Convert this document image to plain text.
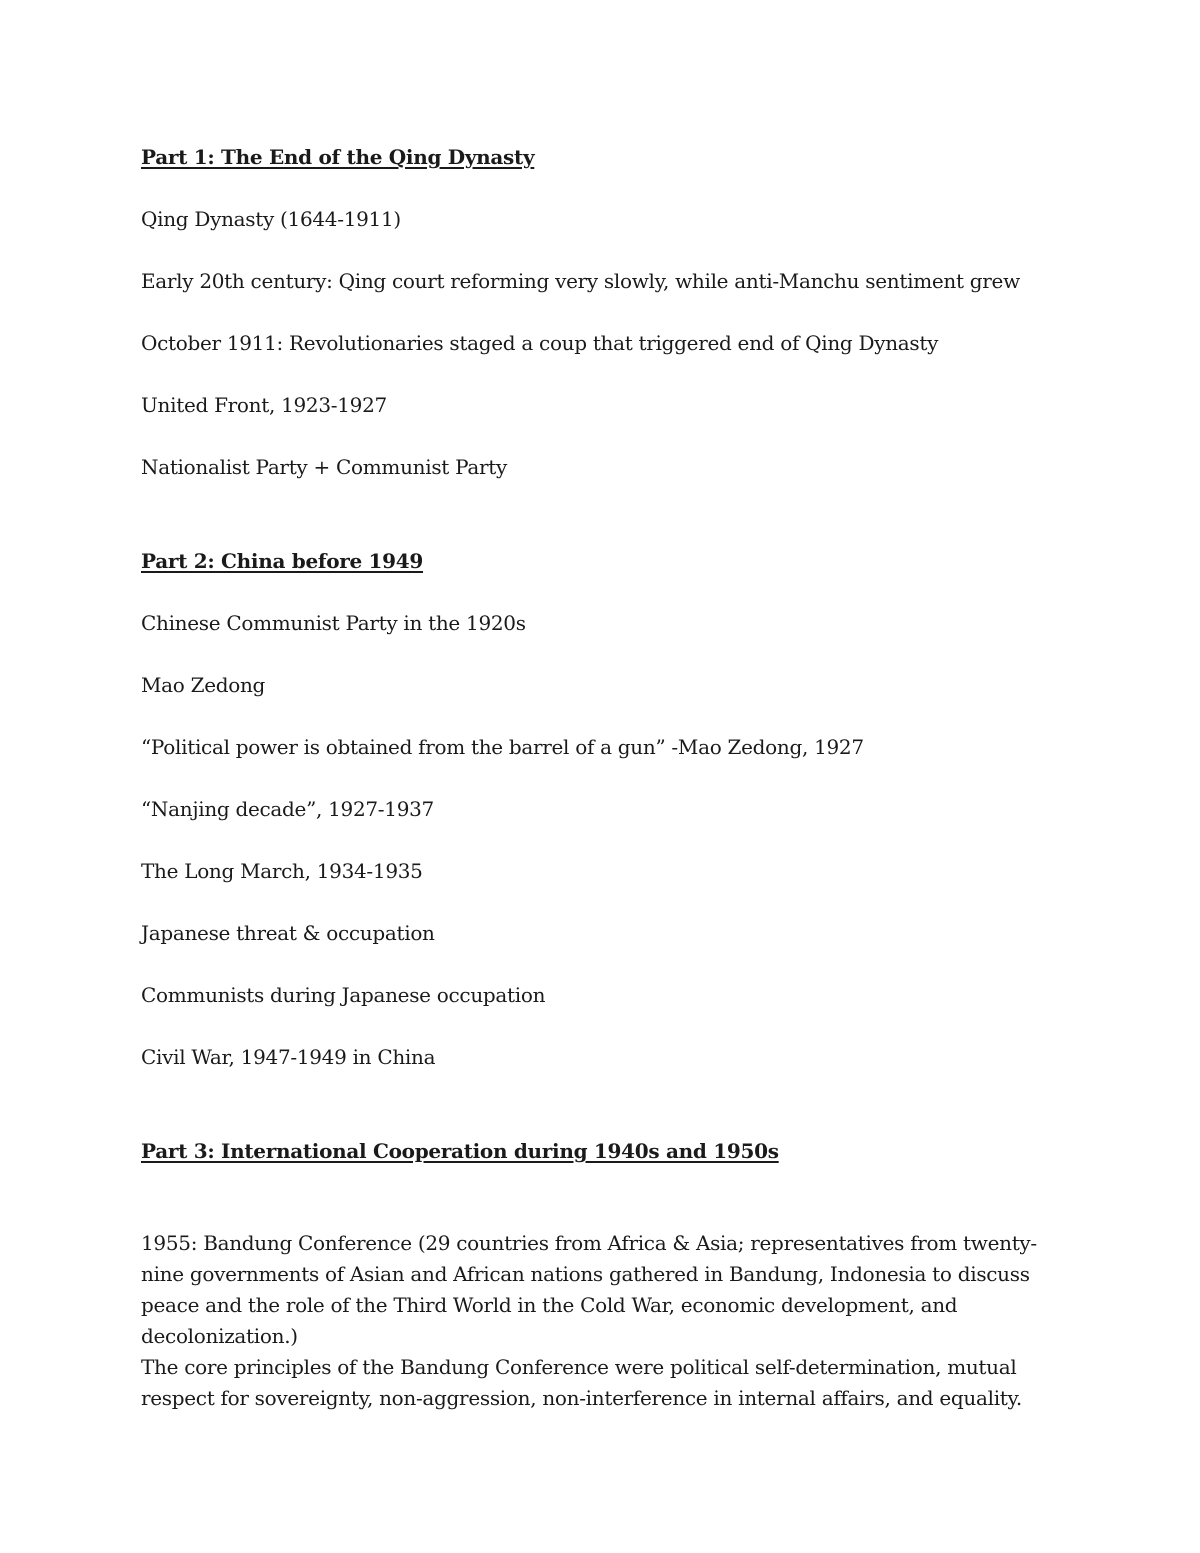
Part 1: The End of the Qing Dynasty

Qing Dynasty (1644-1911)

Early 20th century: Qing court reforming very slowly, while anti-Manchu sentiment grew

October 1911: Revolutionaries staged a coup that triggered end of Qing Dynasty

United Front, 1923-1927

Nationalist Party + Communist Party

Part 2: China before 1949

Chinese Communist Party in the 1920s

Mao Zedong

“Political power is obtained from the barrel of a gun” -Mao Zedong, 1927

“Nanjing decade”, 1927-1937

The Long March, 1934-1935

Japanese threat & occupation

Communists during Japanese occupation

Civil War, 1947-1949 in China

Part 3: International Cooperation during 1940s and 1950s

1955: Bandung Conference (29 countries from Africa & Asia; representatives from twenty-nine governments of Asian and African nations gathered in Bandung, Indonesia to discuss peace and the role of the Third World in the Cold War, economic development, and decolonization.)

The core principles of the Bandung Conference were political self-determination, mutual respect for sovereignty, non-aggression, non-interference in internal affairs, and equality.
